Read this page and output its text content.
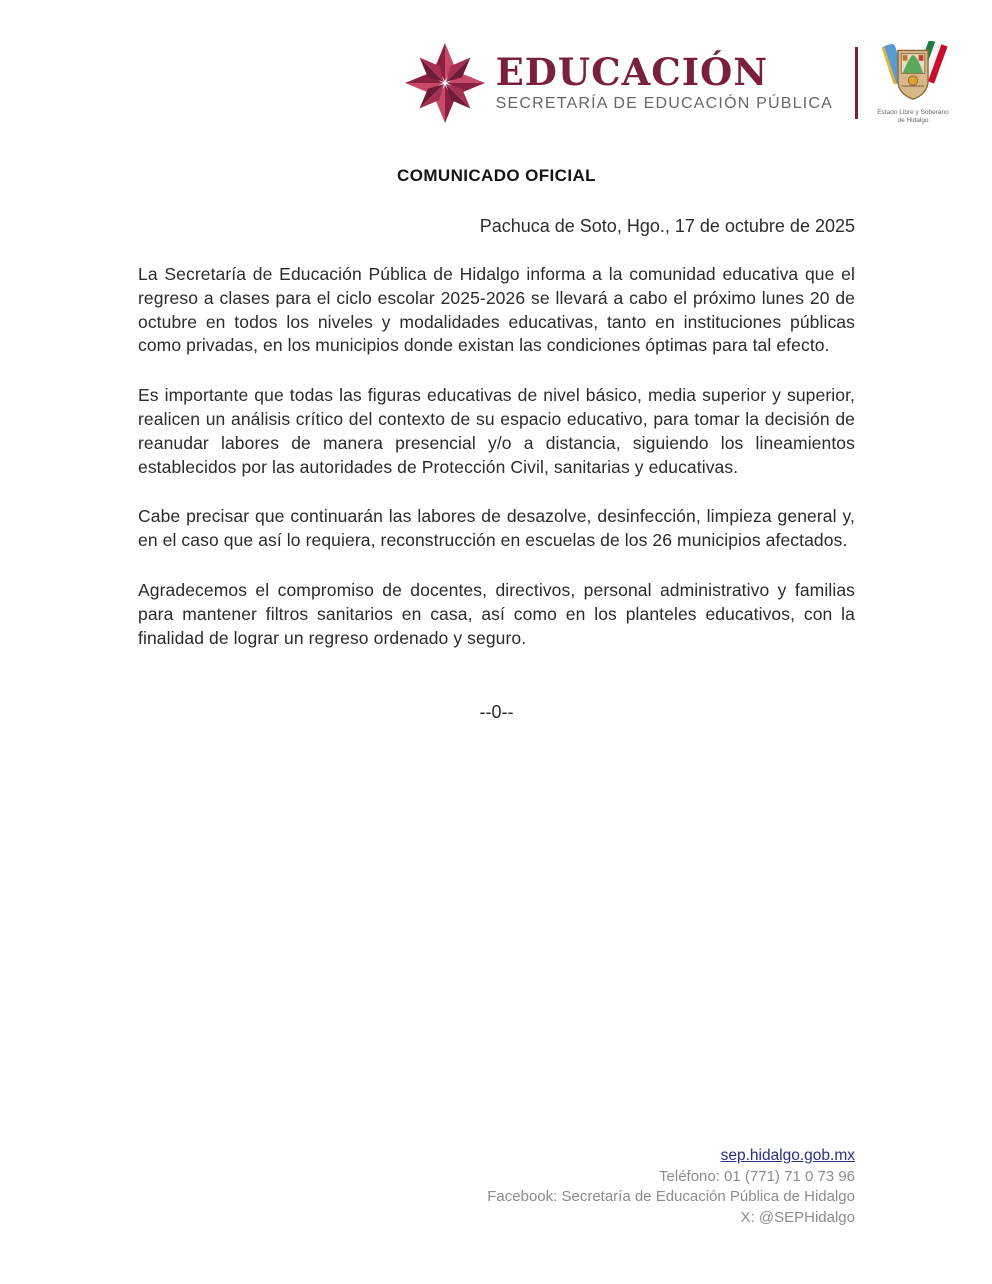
EDUCACIÓN
SECRETARÍA DE EDUCACIÓN PÚBLICA	Estado Libre y Soberano de Hidalgo
COMUNICADO OFICIAL

Pachuca de Soto, Hgo., 17 de octubre de 2025

La Secretaría de Educación Pública de Hidalgo informa a la comunidad educativa que el regreso a clases para el ciclo escolar 2025-2026 se llevará a cabo el próximo lunes 20 de octubre en todos los niveles y modalidades educativas, tanto en instituciones públicas como privadas, en los municipios donde existan las condiciones óptimas para tal efecto.

Es importante que todas las figuras educativas de nivel básico, media superior y superior, realicen un análisis crítico del contexto de su espacio educativo, para tomar la decisión de reanudar labores de manera presencial y/o a distancia, siguiendo los lineamientos establecidos por las autoridades de Protección Civil, sanitarias y educativas.

Cabe precisar que continuarán las labores de desazolve, desinfección, limpieza general y, en el caso que así lo requiera, reconstrucción en escuelas de los 26 municipios afectados.

Agradecemos el compromiso de docentes, directivos, personal administrativo y familias para mantener filtros sanitarios en casa, así como en los planteles educativos, con la finalidad de lograr un regreso ordenado y seguro.

--0--

sep.hidalgo.gob.mx
Teléfono: 01 (771) 71 0 73 96
Facebook: Secretaría de Educación Pública de Hidalgo
X: @SEPHidalgo
